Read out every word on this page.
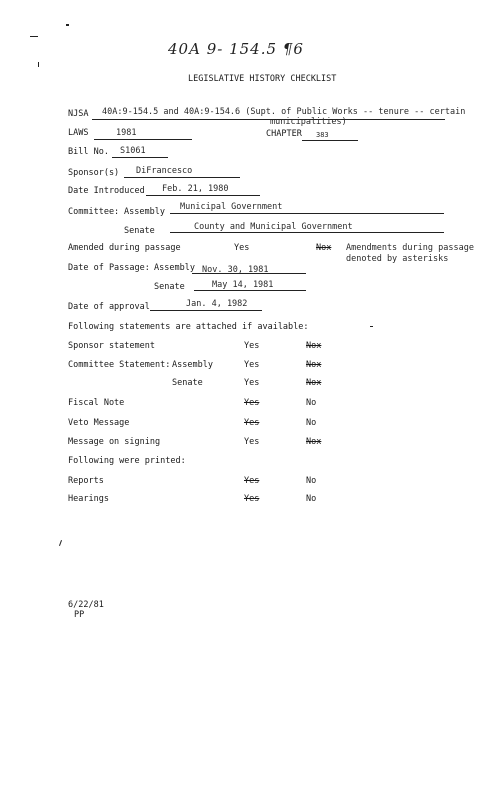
40A 9- 154.5 ¶6
LEGISLATIVE HISTORY CHECKLIST
NJSA 40A:9-154.5 and 40A:9-154.6 (Supt. of Public Works -- tenure -- certain
municipalities)
LAWS	1981	CHAPTER 383
Bill No. S1061
Sponsor(s) DiFrancesco
Date Introduced Feb. 21, 1980
Committee: Assembly Municipal Government
Senate	County and Municipal Government
Amended during passage	Yes	Nox Amendments during passage
denoted by asterisks
Date of Passage: Assembly Nov. 30, 1981
Senate	May 14, 1981
Date of approval	Jan. 4, 1982
Following statements are attached if available:
Sponsor statement	Yes	Nox
Committee Statement: Assembly	Yes	Nox
Senate	Yes	Nox
Fiscal Note	Yes	No
Veto Message	Yes	No
Message on signing	Yes	Nox
Following were printed:
Reports	Yes	No
Hearings	Yes	No
6/22/81
PP
